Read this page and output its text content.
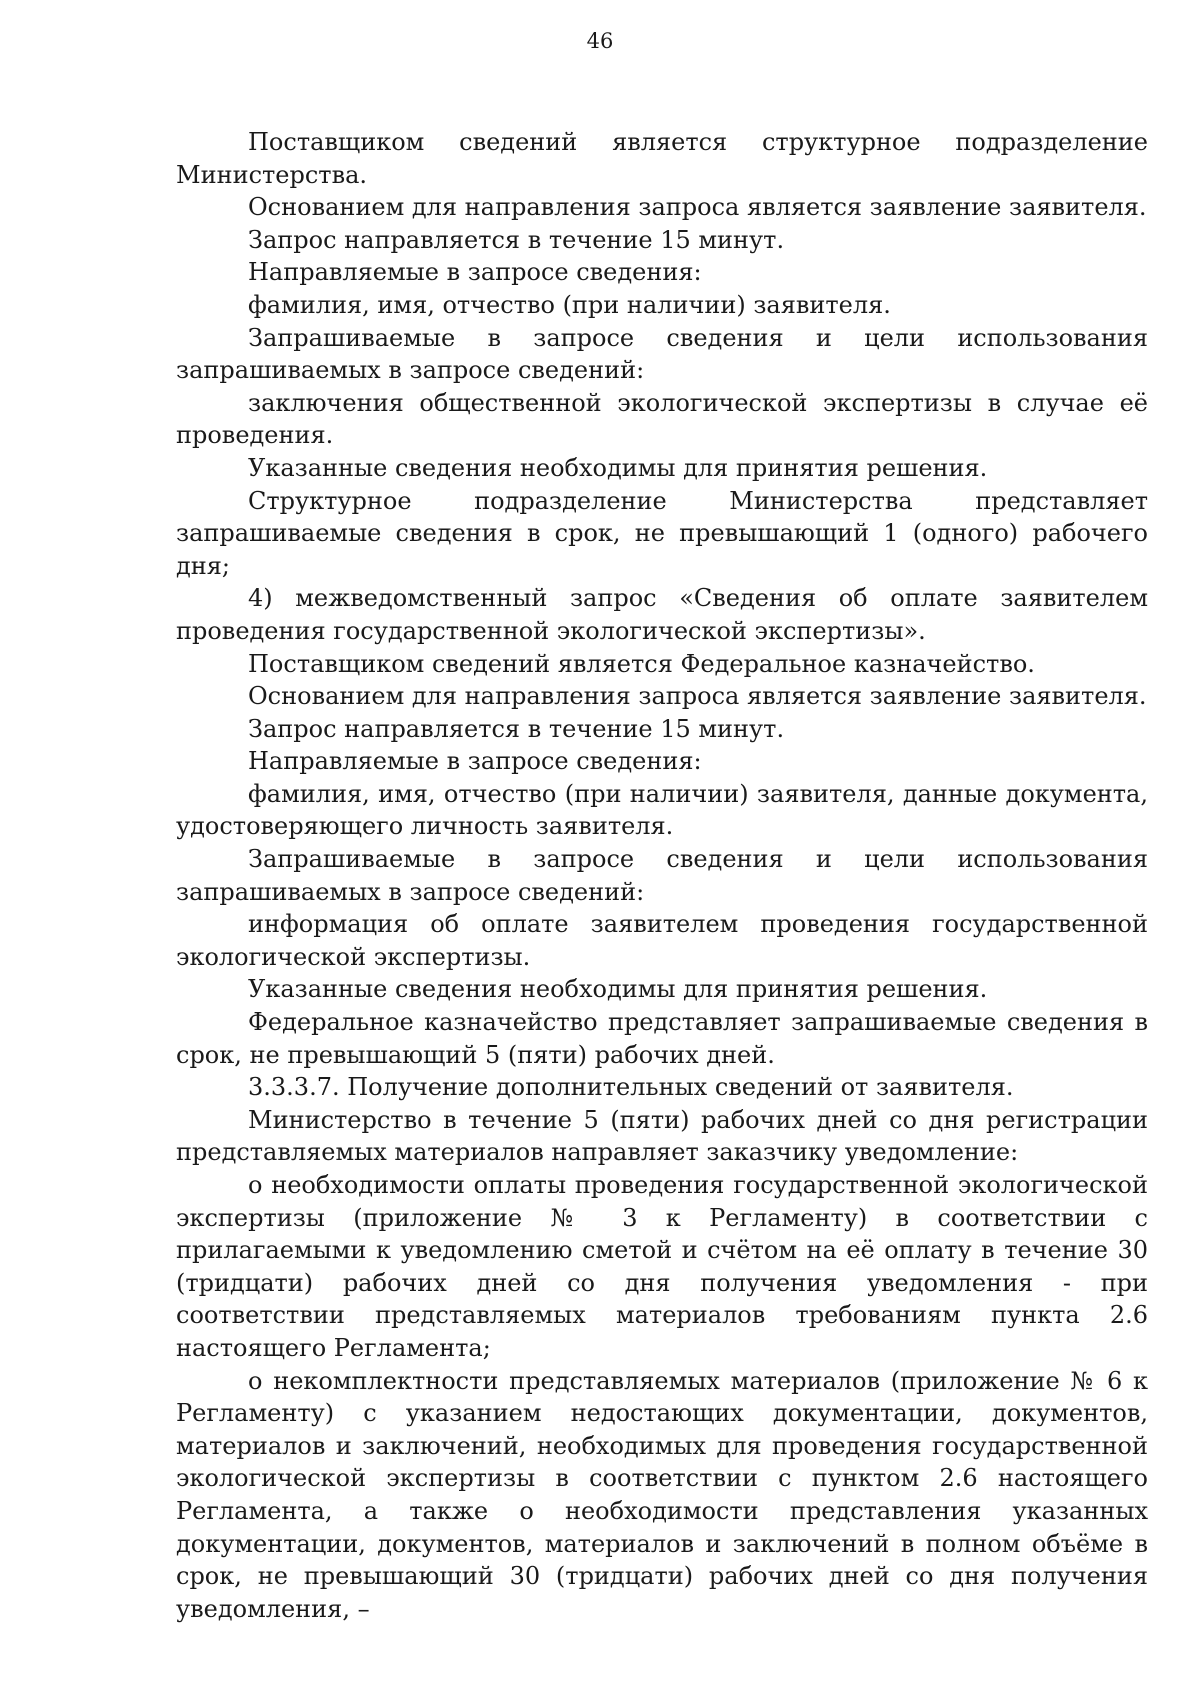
46

Поставщиком сведений является структурное подразделение Министерства.

Основанием для направления запроса является заявление заявителя.

Запрос направляется в течение 15 минут.

Направляемые в запросе сведения:

фамилия, имя, отчество (при наличии) заявителя.

Запрашиваемые в запросе сведения и цели использования запрашиваемых в запросе сведений:

заключения общественной экологической экспертизы в случае её проведения.

Указанные сведения необходимы для принятия решения.

Структурное подразделение Министерства представляет запрашиваемые сведения в срок, не превышающий 1 (одного) рабочего дня;

4) межведомственный запрос «Сведения об оплате заявителем проведения государственной экологической экспертизы».

Поставщиком сведений является Федеральное казначейство.

Основанием для направления запроса является заявление заявителя.

Запрос направляется в течение 15 минут.

Направляемые в запросе сведения:

фамилия, имя, отчество (при наличии) заявителя, данные документа, удостоверяющего личность заявителя.

Запрашиваемые в запросе сведения и цели использования запрашиваемых в запросе сведений:

информация об оплате заявителем проведения государственной экологической экспертизы.

Указанные сведения необходимы для принятия решения.

Федеральное казначейство представляет запрашиваемые сведения в срок, не превышающий 5 (пяти) рабочих дней.

3.3.3.7. Получение дополнительных сведений от заявителя.

Министерство в течение 5 (пяти) рабочих дней со дня регистрации представляемых материалов направляет заказчику уведомление:

о необходимости оплаты проведения государственной экологической экспертизы (приложение № 3 к Регламенту) в соответствии с прилагаемыми к уведомлению сметой и счётом на её оплату в течение 30 (тридцати) рабочих дней со дня получения уведомления - при соответствии представляемых материалов требованиям пункта 2.6 настоящего Регламента;

о некомплектности представляемых материалов (приложение № 6 к Регламенту) с указанием недостающих документации, документов, материалов и заключений, необходимых для проведения государственной экологической экспертизы в соответствии с пунктом 2.6 настоящего Регламента, а также о необходимости представления указанных документации, документов, материалов и заключений в полном объёме в срок, не превышающий 30 (тридцати) рабочих дней со дня получения уведомления, –
